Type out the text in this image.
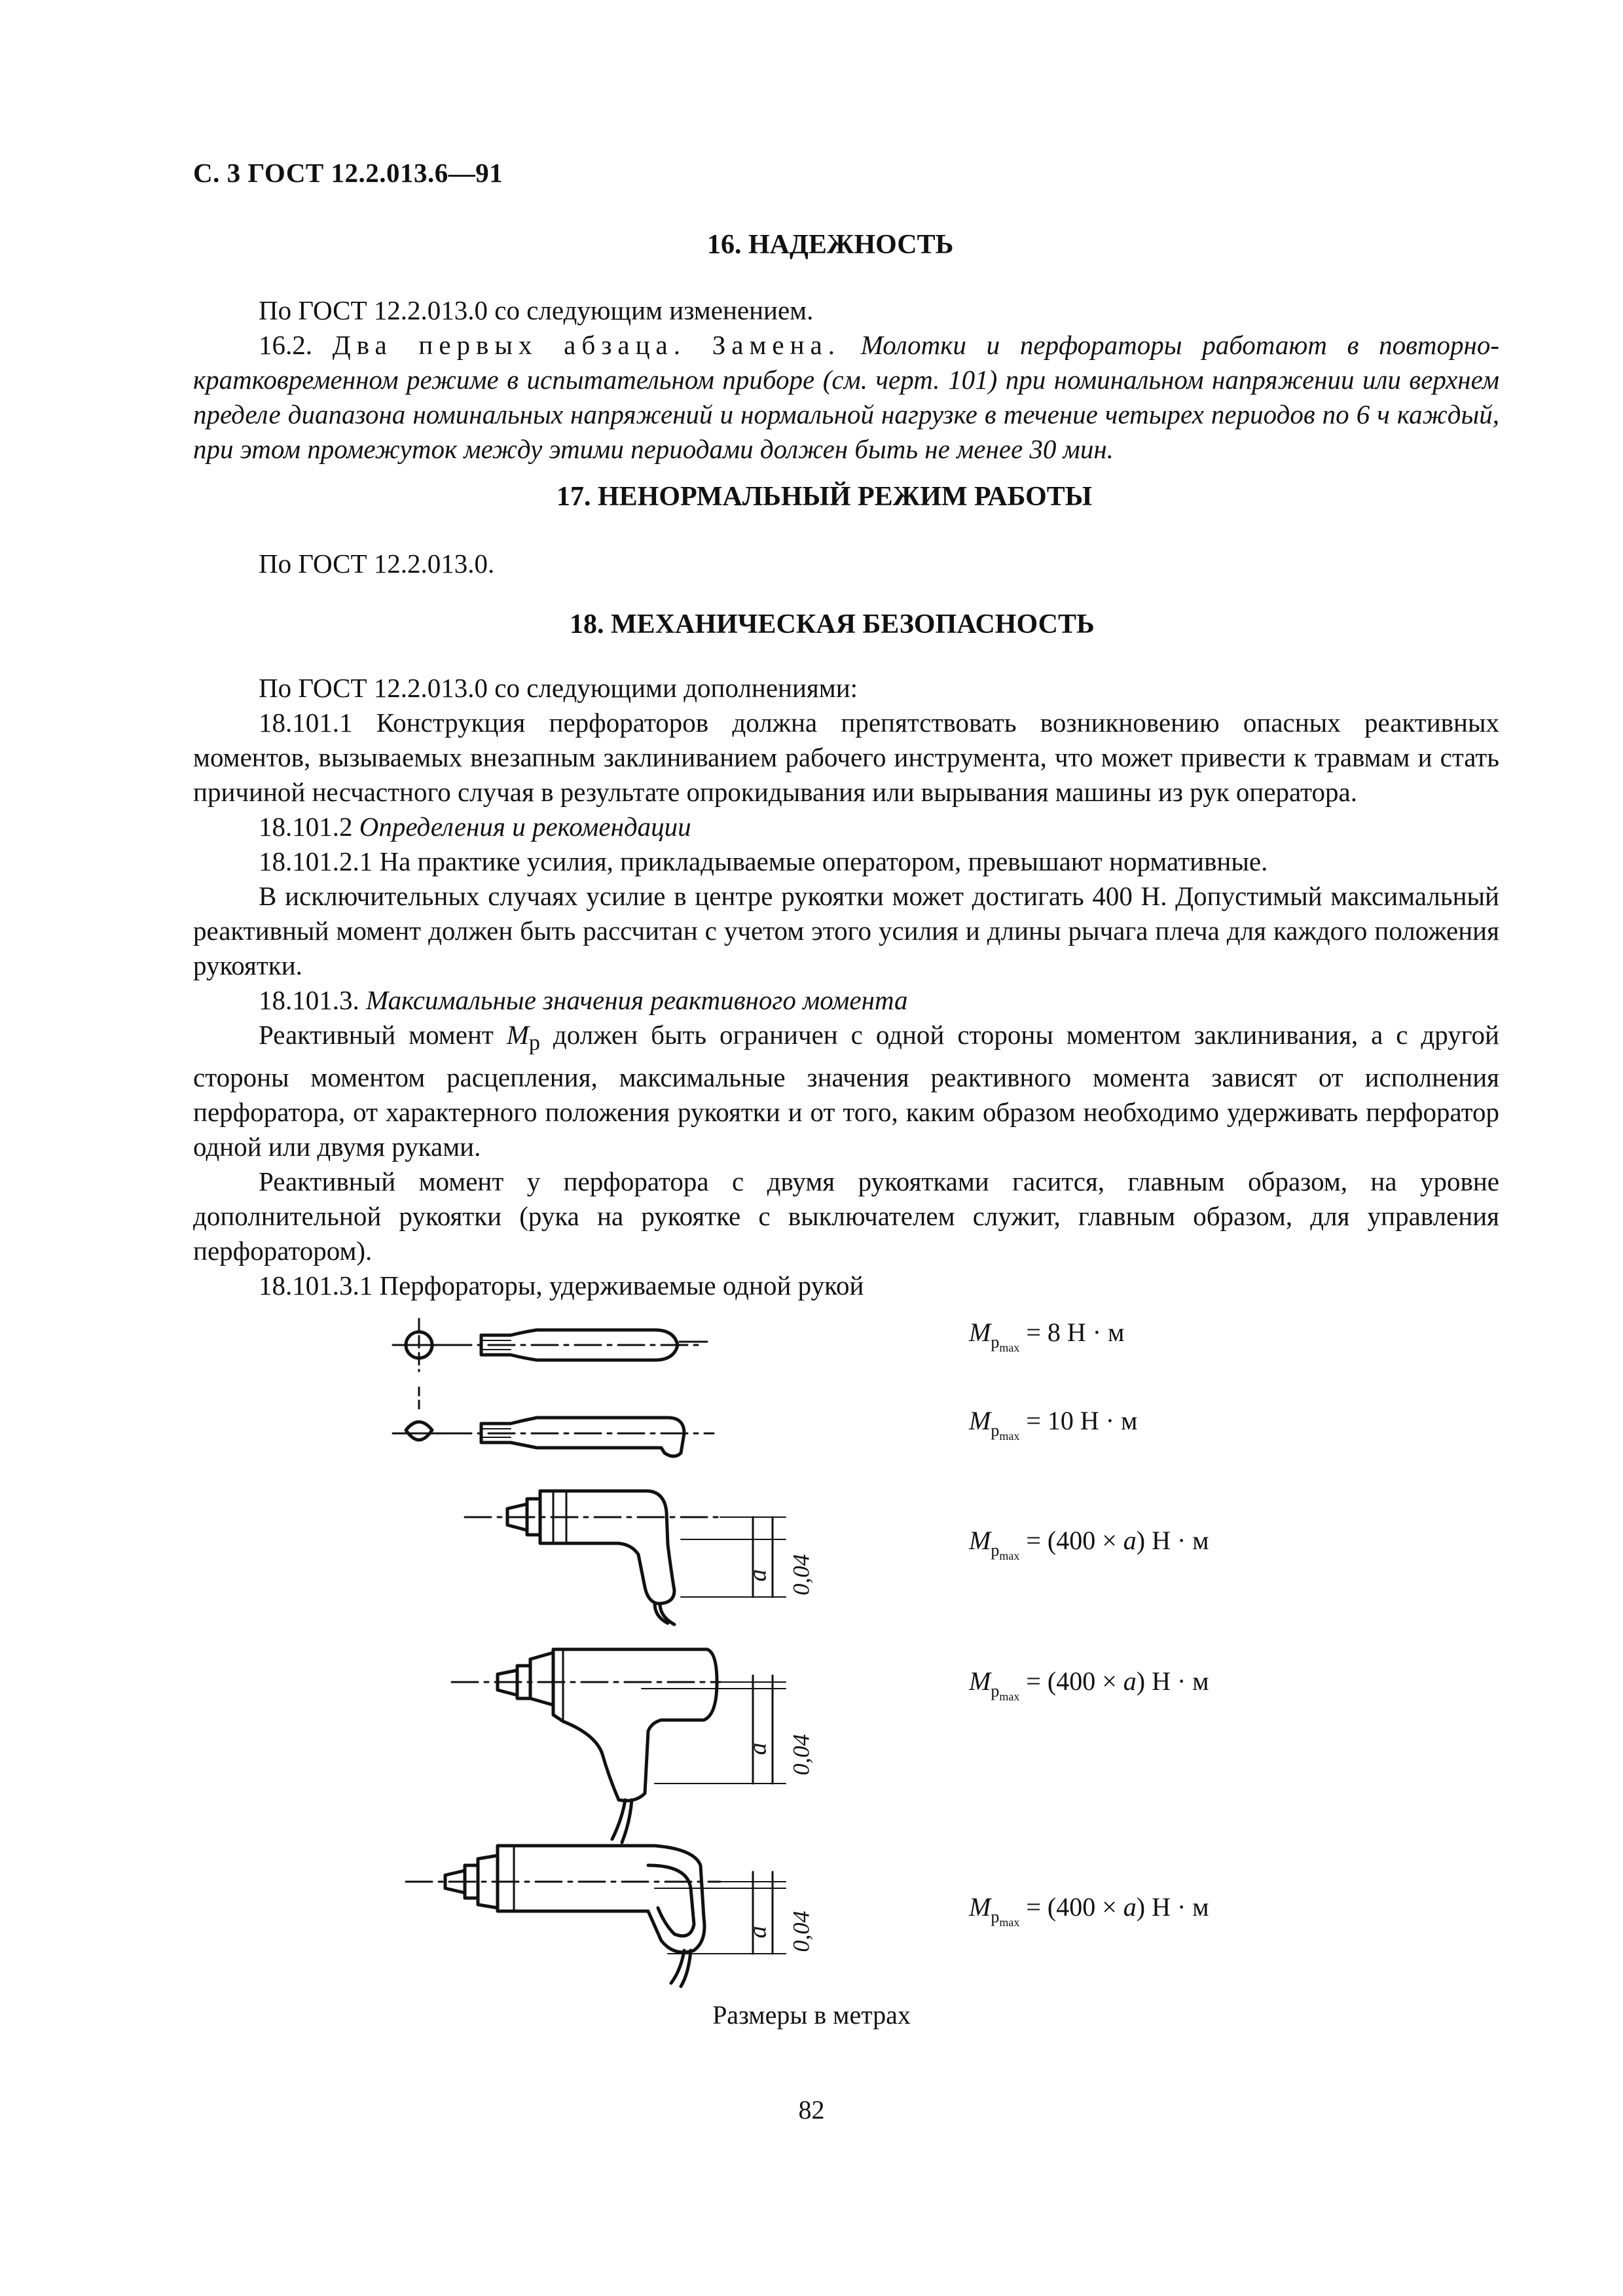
С. 3 ГОСТ 12.2.013.6—91
16. НАДЕЖНОСТЬ

По ГОСТ 12.2.013.0 со следующим изменением.

16.2. Два первых абзаца. Замена. Молотки и перфораторы работают в повторно-кратковременном режиме в испытательном приборе (см. черт. 101) при номинальном напряжении или верхнем пределе диапазона номинальных напряжений и нормальной нагрузке в течение четырех периодов по 6 ч каждый, при этом промежуток между этими периодами должен быть не менее 30 мин.

17. НЕНОРМАЛЬНЫЙ РЕЖИМ РАБОТЫ

По ГОСТ 12.2.013.0.

18. МЕХАНИЧЕСКАЯ БЕЗОПАСНОСТЬ

По ГОСТ 12.2.013.0 со следующими дополнениями:

18.101.1 Конструкция перфораторов должна препятствовать возникновению опасных реактивных моментов, вызываемых внезапным заклиниванием рабочего инструмента, что может привести к травмам и стать причиной несчастного случая в результате опрокидывания или вырывания машины из рук оператора.

18.101.2 Определения и рекомендации

18.101.2.1 На практике усилия, прикладываемые оператором, превышают нормативные.

В исключительных случаях усилие в центре рукоятки может достигать 400 Н. Допустимый максимальный реактивный момент должен быть рассчитан с учетом этого усилия и длины рычага плеча для каждого положения рукоятки.

18.101.3. Максимальные значения реактивного момента

Реактивный момент $M_р$ должен быть ограничен с одной стороны моментом заклинивания, а с другой стороны моментом расцепления, максимальные значения реактивного момента зависят от исполнения перфоратора, от характерного положения рукоятки и от того, каким образом необходимо удерживать перфоратор одной или двумя руками.

Реактивный момент у перфоратора с двумя рукоятками гасится, главным образом, на уровне дополнительной рукоятки (рука на рукоятке с выключателем служит, главным образом, для управления перфоратором).

18.101.3.1 Перфораторы, удерживаемые одной рукой

a 0,04
a 0,04
a 0,04
$M_{p_{max}} = 8$ Н · м
$M_{p_{max}} = 10$ Н · м
$M_{p_{max}} = (400 \times a) Н \cdot м$
$M_{p_{max}} = (400 \times a) Н \cdot м$
$M_{p_{max}} = (400 \times a) Н \cdot м$
Размеры в метрах
82
